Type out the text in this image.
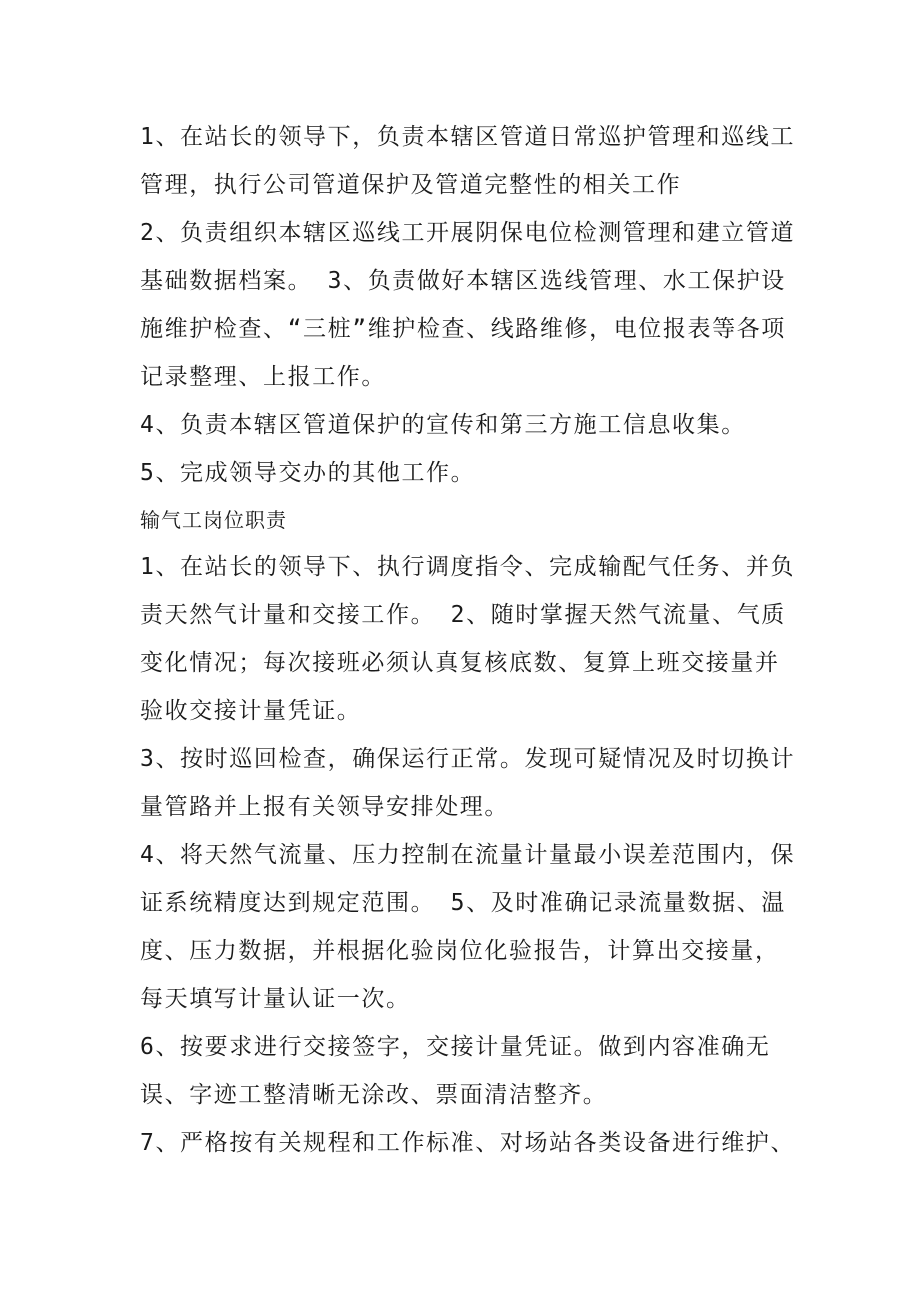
1、在站长的领导下，负责本辖区管道日常巡护管理和巡线工管理，执行公司管道保护及管道完整性的相关工作

2、负责组织本辖区巡线工开展阴保电位检测管理和建立管道基础数据档案。 3、负责做好本辖区选线管理、水工保护设施维护检查、“三桩”维护检查、线路维修，电位报表等各项记录整理、上报工作。

4、负责本辖区管道保护的宣传和第三方施工信息收集。 5、完成领导交办的其他工作。

输气工岗位职责

1、在站长的领导下、执行调度指令、完成输配气任务、并负责天然气计量和交接工作。 2、随时掌握天然气流量、气质变化情况；每次接班必须认真复核底数、复算上班交接量并验收交接计量凭证。

3、按时巡回检查，确保运行正常。发现可疑情况及时切换计量管路并上报有关领导安排处理。

4、将天然气流量、压力控制在流量计量最小误差范围内，保证系统精度达到规定范围。 5、及时准确记录流量数据、温度、压力数据，并根据化验岗位化验报告，计算出交接量，每天填写计量认证一次。

6、按要求进行交接签字，交接计量凭证。做到内容准确无误、字迹工整清晰无涂改、票面清洁整齐。

7、严格按有关规程和工作标准、对场站各类设备进行维护、
